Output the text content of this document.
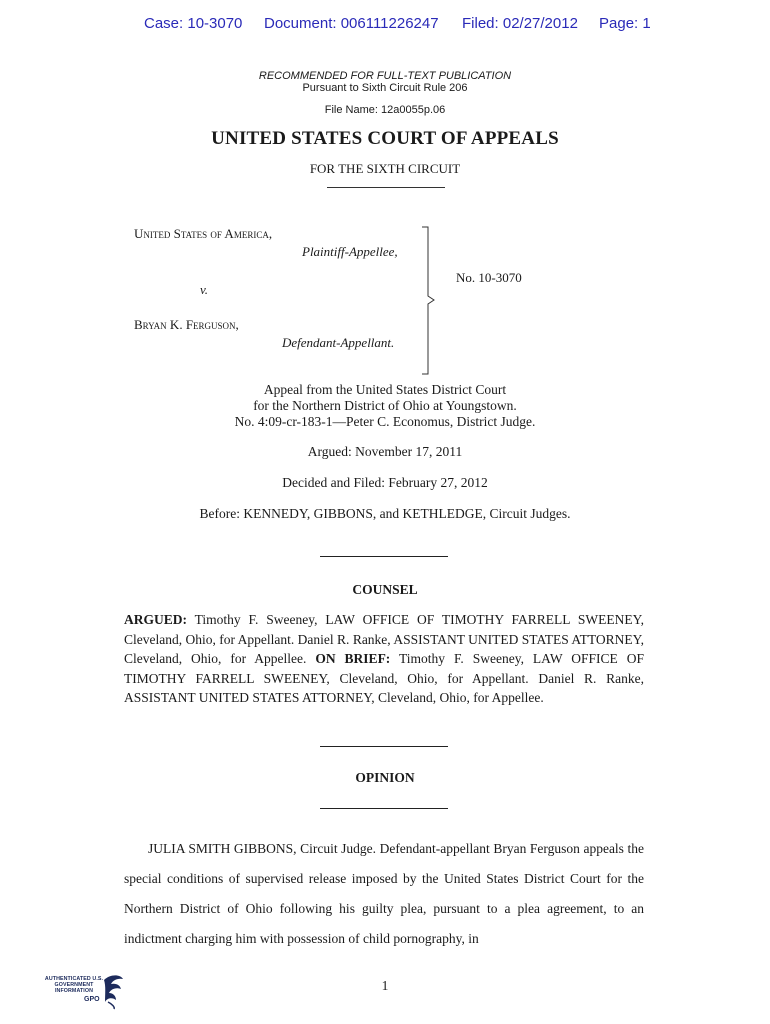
Case: 10-3070 Document: 006111226247 Filed: 02/27/2012 Page: 1
RECOMMENDED FOR FULL-TEXT PUBLICATION
Pursuant to Sixth Circuit Rule 206
File Name: 12a0055p.06
UNITED STATES COURT OF APPEALS
FOR THE SIXTH CIRCUIT
United States of America,
Plaintiff-Appellee,
v.
Bryan K. Ferguson,
Defendant-Appellant.
No. 10-3070
Appeal from the United States District Court
for the Northern District of Ohio at Youngstown.
No. 4:09-cr-183-1—Peter C. Economus, District Judge.
Argued: November 17, 2011
Decided and Filed: February 27, 2012
Before: KENNEDY, GIBBONS, and KETHLEDGE, Circuit Judges.
COUNSEL
ARGUED: Timothy F. Sweeney, LAW OFFICE OF TIMOTHY FARRELL SWEENEY, Cleveland, Ohio, for Appellant. Daniel R. Ranke, ASSISTANT UNITED STATES ATTORNEY, Cleveland, Ohio, for Appellee. ON BRIEF: Timothy F. Sweeney, LAW OFFICE OF TIMOTHY FARRELL SWEENEY, Cleveland, Ohio, for Appellant. Daniel R. Ranke, ASSISTANT UNITED STATES ATTORNEY, Cleveland, Ohio, for Appellee.
OPINION
JULIA SMITH GIBBONS, Circuit Judge. Defendant-appellant Bryan Ferguson appeals the special conditions of supervised release imposed by the United States District Court for the Northern District of Ohio following his guilty plea, pursuant to a plea agreement, to an indictment charging him with possession of child pornography, in
1
AUTHENTICATED U.S. GOVERNMENT INFORMATION
GPO
